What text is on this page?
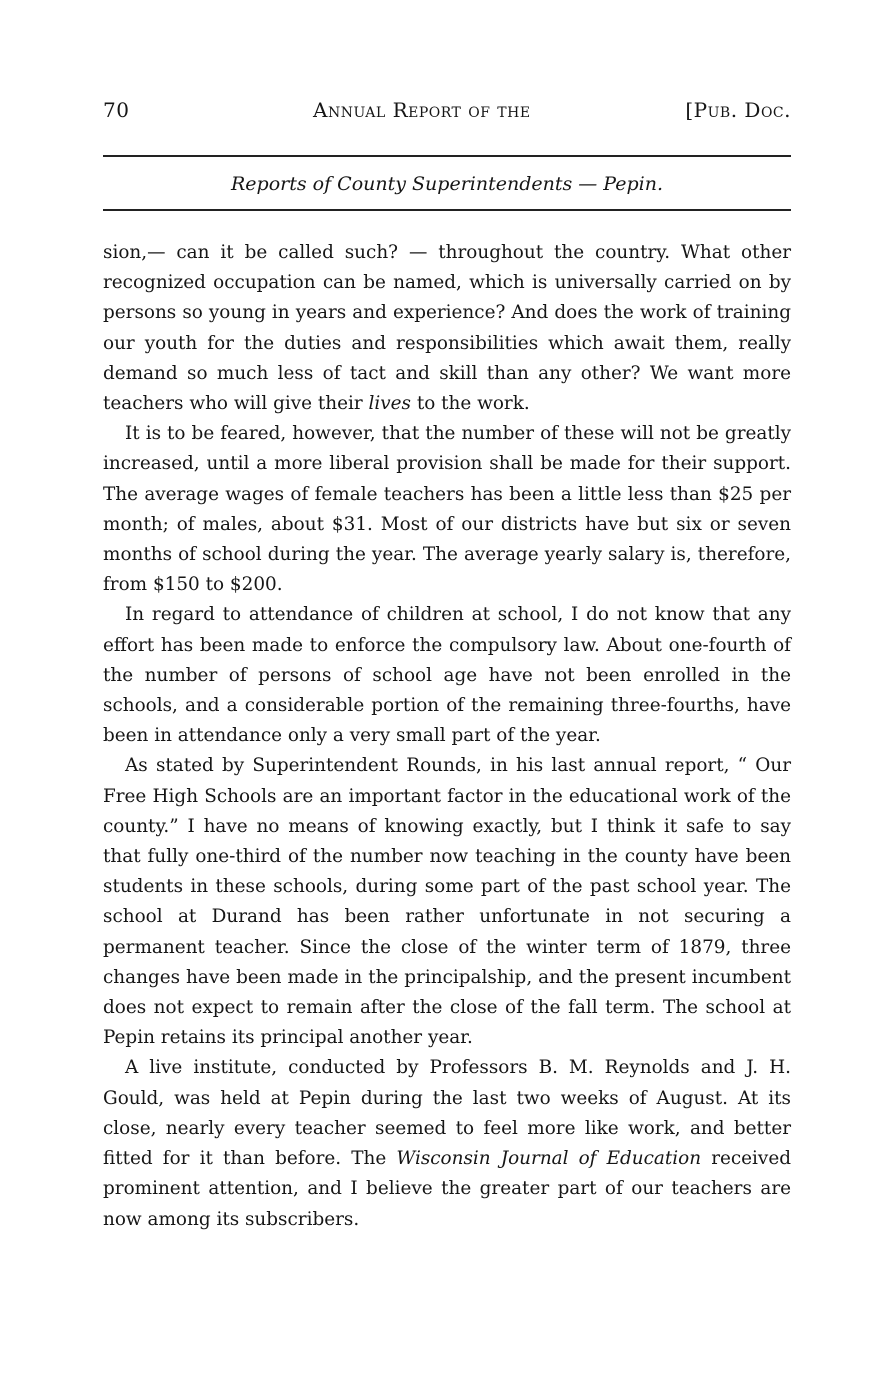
70	Annual Report of the	[Pub. Doc.
Reports of County Superintendents — Pepin.

sion,— can it be called such? — throughout the country. What other recognized occupation can be named, which is universally carried on by persons so young in years and experience? And does the work of training our youth for the duties and responsibilities which await them, really demand so much less of tact and skill than any other? We want more teachers who will give their lives to the work.

It is to be feared, however, that the number of these will not be greatly increased, until a more liberal provision shall be made for their support. The average wages of female teachers has been a little less than $25 per month; of males, about $31. Most of our districts have but six or seven months of school during the year. The average yearly salary is, therefore, from $150 to $200.

In regard to attendance of children at school, I do not know that any effort has been made to enforce the compulsory law. About one-fourth of the number of persons of school age have not been enrolled in the schools, and a considerable portion of the remaining three-fourths, have been in attendance only a very small part of the year.

As stated by Superintendent Rounds, in his last annual report, “ Our Free High Schools are an important factor in the educational work of the county.” I have no means of knowing exactly, but I think it safe to say that fully one-third of the number now teaching in the county have been students in these schools, during some part of the past school year. The school at Durand has been rather unfortunate in not securing a permanent teacher. Since the close of the winter term of 1879, three changes have been made in the principalship, and the present incumbent does not expect to remain after the close of the fall term. The school at Pepin retains its principal another year.

A live institute, conducted by Professors B. M. Reynolds and J. H. Gould, was held at Pepin during the last two weeks of August. At its close, nearly every teacher seemed to feel more like work, and better fitted for it than before. The Wisconsin Journal of Education received prominent attention, and I believe the greater part of our teachers are now among its subscribers.
